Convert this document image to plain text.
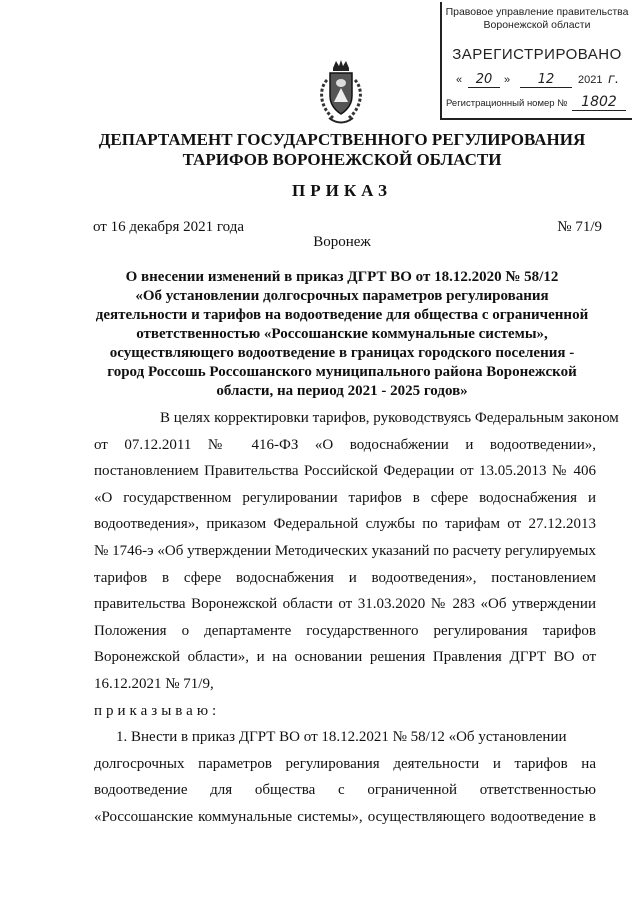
Правовое управление правительства
Воронежской области
ЗАРЕГИСТРИРОВАНО
«	20	»	12	2021 г.
Регистрационный номер № 1802
ДЕПАРТАМЕНТ ГОСУДАРСТВЕННОГО РЕГУЛИРОВАНИЯ
ТАРИФОВ ВОРОНЕЖСКОЙ ОБЛАСТИ
ПРИКАЗ
от 16 декабря 2021 года	№ 71/9
Воронеж
О внесении изменений в приказ ДГРТ ВО от 18.12.2020 № 58/12
«Об установлении долгосрочных параметров регулирования
деятельности и тарифов на водоотведение для общества с ограниченной
ответственностью «Россошанские коммунальные системы»,
осуществляющего водоотведение в границах городского поселения -
город Россошь Россошанского муниципального района Воронежской
области, на период 2021 - 2025 годов»
В целях корректировки тарифов, руководствуясь Федеральным законом
от 07.12.2011 № 416-ФЗ «О водоснабжении и водоотведении»,
постановлением Правительства Российской Федерации от 13.05.2013 № 406
«О государственном регулировании тарифов в сфере водоснабжения и
водоотведения», приказом Федеральной службы по тарифам от 27.12.2013
№ 1746-э «Об утверждении Методических указаний по расчету регулируемых
тарифов в сфере водоснабжения и водоотведения», постановлением
правительства Воронежской области от 31.03.2020 № 283 «Об утверждении
Положения о департаменте государственного регулирования тарифов
Воронежской области», и на основании решения Правления ДГРТ ВО от
16.12.2021 № 71/9,
приказываю:
1. Внести в приказ ДГРТ ВО от 18.12.2021 № 58/12 «Об установлении
долгосрочных параметров регулирования деятельности и тарифов на
водоотведение для общества с ограниченной ответственностью
«Россошанские коммунальные системы», осуществляющего водоотведение в
